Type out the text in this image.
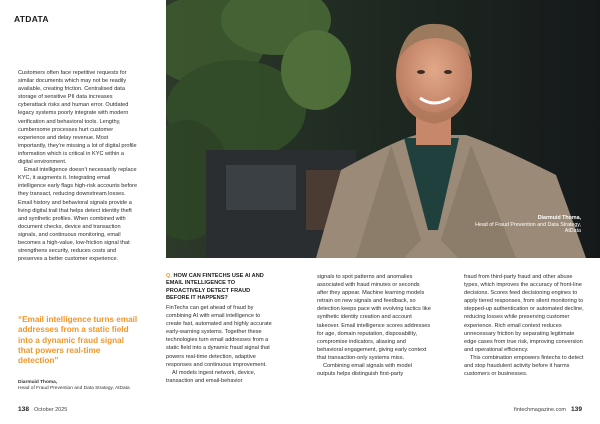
ATDATA

Customers often face repetitive requests for similar documents which may not be readily available, creating friction. Centralised data storage of sensitive PII data increases cyberattack risks and human error. Outdated legacy systems poorly integrate with modern verification and behavioral tools. Lengthy, cumbersome processes hurt customer experience and delay revenue. Most importantly, they’re missing a lot of digital profile information which is critical in KYC within a digital environment.

Email intelligence doesn’t necessarily replace KYC, it augments it. Integrating email intelligence early flags high-risk accounts before they transact, reducing downstream losses. Email history and behavioral signals provide a living digital trail that helps detect identity theft and synthetic profiles. When combined with document checks, device and transaction signals, and continuous monitoring, email becomes a high-value, low-friction signal that strengthens security, reduces costs and preserves a better customer experience.

“Email intelligence turns email addresses from a static field into a dynamic fraud signal that powers real-time detection”
Diarmuid Thoma,
Head of Fraud Prevention and Data Strategy, AtData
138 October 2025	fintechmagazine.com 139
Diarmuid Thoma,
Head of Fraud Prevention and Data Strategy, AtData
Q. HOW CAN FINTECHS USE AI AND EMAIL INTELLIGENCE TO PROACTIVELY DETECT FRAUD BEFORE IT HAPPENS?

FinTechs can get ahead of fraud by combining AI with email intelligence to create fast, automated and highly accurate early-warning systems. Together these technologies turn email addresses from a static field into a dynamic fraud signal that powers real-time detection, adaptive responses and continuous improvement.

AI models ingest network, device, transaction and email-behavior

signals to spot patterns and anomalies associated with fraud minutes or seconds after they appear. Machine learning models retrain on new signals and feedback, so detection keeps pace with evolving tactics like synthetic identity creation and account takeover. Email intelligence scores addresses for age, domain reputation, disposability, compromise indicators, aliasing and behavioral engagement, giving early context that transaction-only systems miss.

Combining email signals with model outputs helps distinguish first-party

fraud from third-party fraud and other abuse types, which improves the accuracy of front-line decisions. Scores feed decisioning engines to apply tiered responses, from silent monitoring to stepped-up authentication or automated decline, reducing losses while preserving customer experience. Rich email context reduces unnecessary friction by separating legitimate edge cases from true risk, improving conversion and operational efficiency.

This combination empowers fintechs to detect and stop fraudulent activity before it harms customers or businesses.
